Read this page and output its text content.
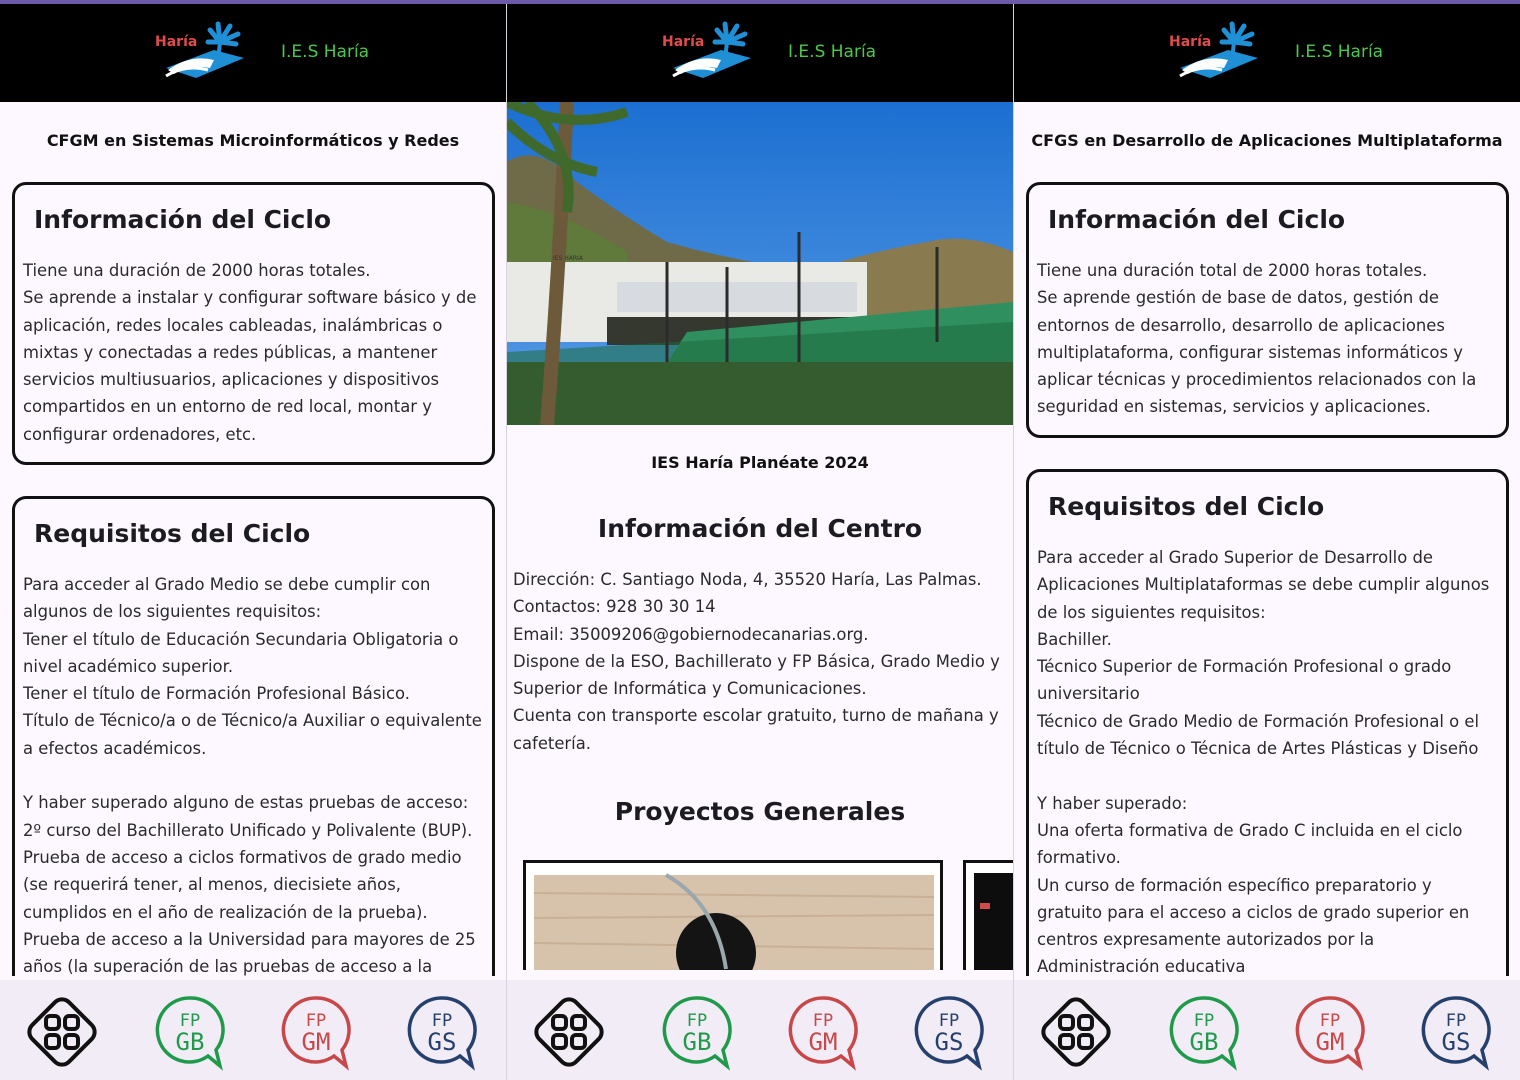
Haría	I.E.S Haría
CFGM en Sistemas Microinformáticos y Redes
Información del Ciclo

Tiene una duración de 2000 horas totales.
Se aprende a instalar y configurar software básico y de aplicación, redes locales cableadas, inalámbricas o mixtas y conectadas a redes públicas, a mantener servicios multiusuarios, aplicaciones y dispositivos compartidos en un entorno de red local, montar y configurar ordenadores, etc.

Requisitos del Ciclo

Para acceder al Grado Medio se debe cumplir con algunos de los siguientes requisitos:
Tener el título de Educación Secundaria Obligatoria o nivel académico superior.
Tener el título de Formación Profesional Básico.
Título de Técnico/a o de Técnico/a Auxiliar o equivalente a efectos académicos.

Y haber superado alguno de estas pruebas de acceso:
2º curso del Bachillerato Unificado y Polivalente (BUP).
Prueba de acceso a ciclos formativos de grado medio (se requerirá tener, al menos, diecisiete años, cumplidos en el año de realización de la prueba).
Prueba de acceso a la Universidad para mayores de 25 años (la superación de las pruebas de acceso a la

FP
GB
FP
GM
FP
GS
Haría	I.E.S Haría
IES HARIA
IES Haría Planéate 2024
Información del Centro
Dirección: C. Santiago Noda, 4, 35520 Haría, Las Palmas.
Contactos: 928 30 30 14
Email: 35009206@gobiernodecanarias.org.
Dispone de la ESO, Bachillerato y FP Básica, Grado Medio y Superior de Informática y Comunicaciones.
Cuenta con transporte escolar gratuito, turno de mañana y cafetería.
Proyectos Generales
FP
GB
FP
GM
FP
GS
Haría	I.E.S Haría
CFGS en Desarrollo de Aplicaciones Multiplataforma
Información del Ciclo

Tiene una duración total de 2000 horas totales.
Se aprende gestión de base de datos, gestión de entornos de desarrollo, desarrollo de aplicaciones multiplataforma, configurar sistemas informáticos y aplicar técnicas y procedimientos relacionados con la seguridad en sistemas, servicios y aplicaciones.

Requisitos del Ciclo

Para acceder al Grado Superior de Desarrollo de Aplicaciones Multiplataformas se debe cumplir algunos de los siguientes requisitos:
Bachiller.
Técnico Superior de Formación Profesional o grado universitario
Técnico de Grado Medio de Formación Profesional o el título de Técnico o Técnica de Artes Plásticas y Diseño

Y haber superado:
Una oferta formativa de Grado C incluida en el ciclo formativo.
Un curso de formación específico preparatorio y gratuito para el acceso a ciclos de grado superior en centros expresamente autorizados por la
Administración educativa

FP
GB
FP
GM
FP
GS
